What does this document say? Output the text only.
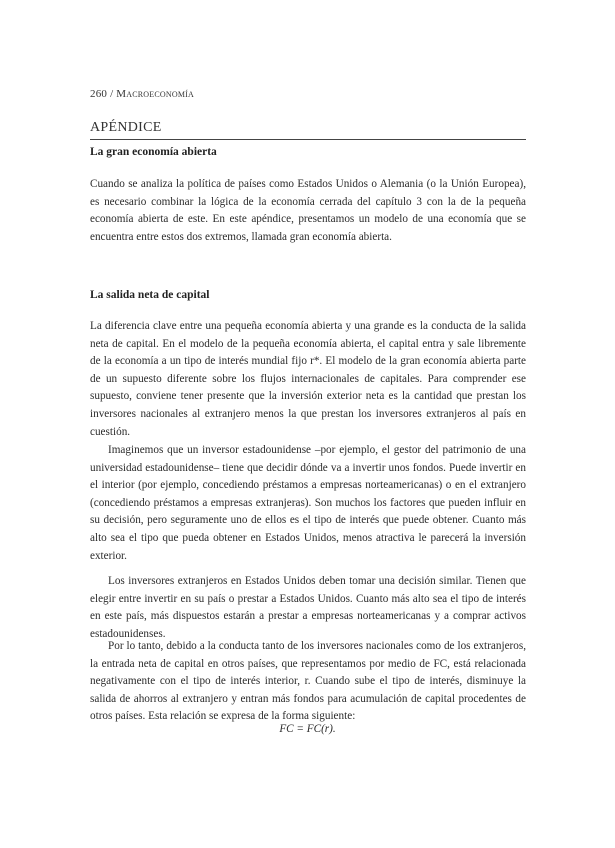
260 / Macroeconomía
APÉNDICE
La gran economía abierta

Cuando se analiza la política de países como Estados Unidos o Alemania (o la Unión Europea), es necesario combinar la lógica de la economía cerrada del capítulo 3 con la de la pequeña economía abierta de este. En este apéndice, presentamos un modelo de una economía que se encuentra entre estos dos extremos, llamada gran economía abierta.

La salida neta de capital

La diferencia clave entre una pequeña economía abierta y una grande es la conducta de la salida neta de capital. En el modelo de la pequeña economía abierta, el capital entra y sale libremente de la economía a un tipo de interés mundial fijo r*. El modelo de la gran economía abierta parte de un supuesto diferente sobre los flujos internacionales de capitales. Para comprender ese supuesto, conviene tener presente que la inversión exterior neta es la cantidad que prestan los inversores nacionales al extranjero menos la que prestan los inversores extranjeros al país en cuestión.

Imaginemos que un inversor estadounidense –por ejemplo, el gestor del patrimonio de una universidad estadounidense– tiene que decidir dónde va a invertir unos fondos. Puede invertir en el interior (por ejemplo, concediendo préstamos a empresas norteamericanas) o en el extranjero (concediendo préstamos a empresas extranjeras). Son muchos los factores que pueden influir en su decisión, pero seguramente uno de ellos es el tipo de interés que puede obtener. Cuanto más alto sea el tipo que pueda obtener en Estados Unidos, menos atractiva le parecerá la inversión exterior.

Los inversores extranjeros en Estados Unidos deben tomar una decisión similar. Tienen que elegir entre invertir en su país o prestar a Estados Unidos. Cuanto más alto sea el tipo de interés en este país, más dispuestos estarán a prestar a empresas norteamericanas y a comprar activos estadounidenses.

Por lo tanto, debido a la conducta tanto de los inversores nacionales como de los extranjeros, la entrada neta de capital en otros países, que representamos por medio de FC, está relacionada negativamente con el tipo de interés interior, r. Cuando sube el tipo de interés, disminuye la salida de ahorros al extranjero y entran más fondos para acumulación de capital procedentes de otros países. Esta relación se expresa de la forma siguiente:

FC = FC(r).
